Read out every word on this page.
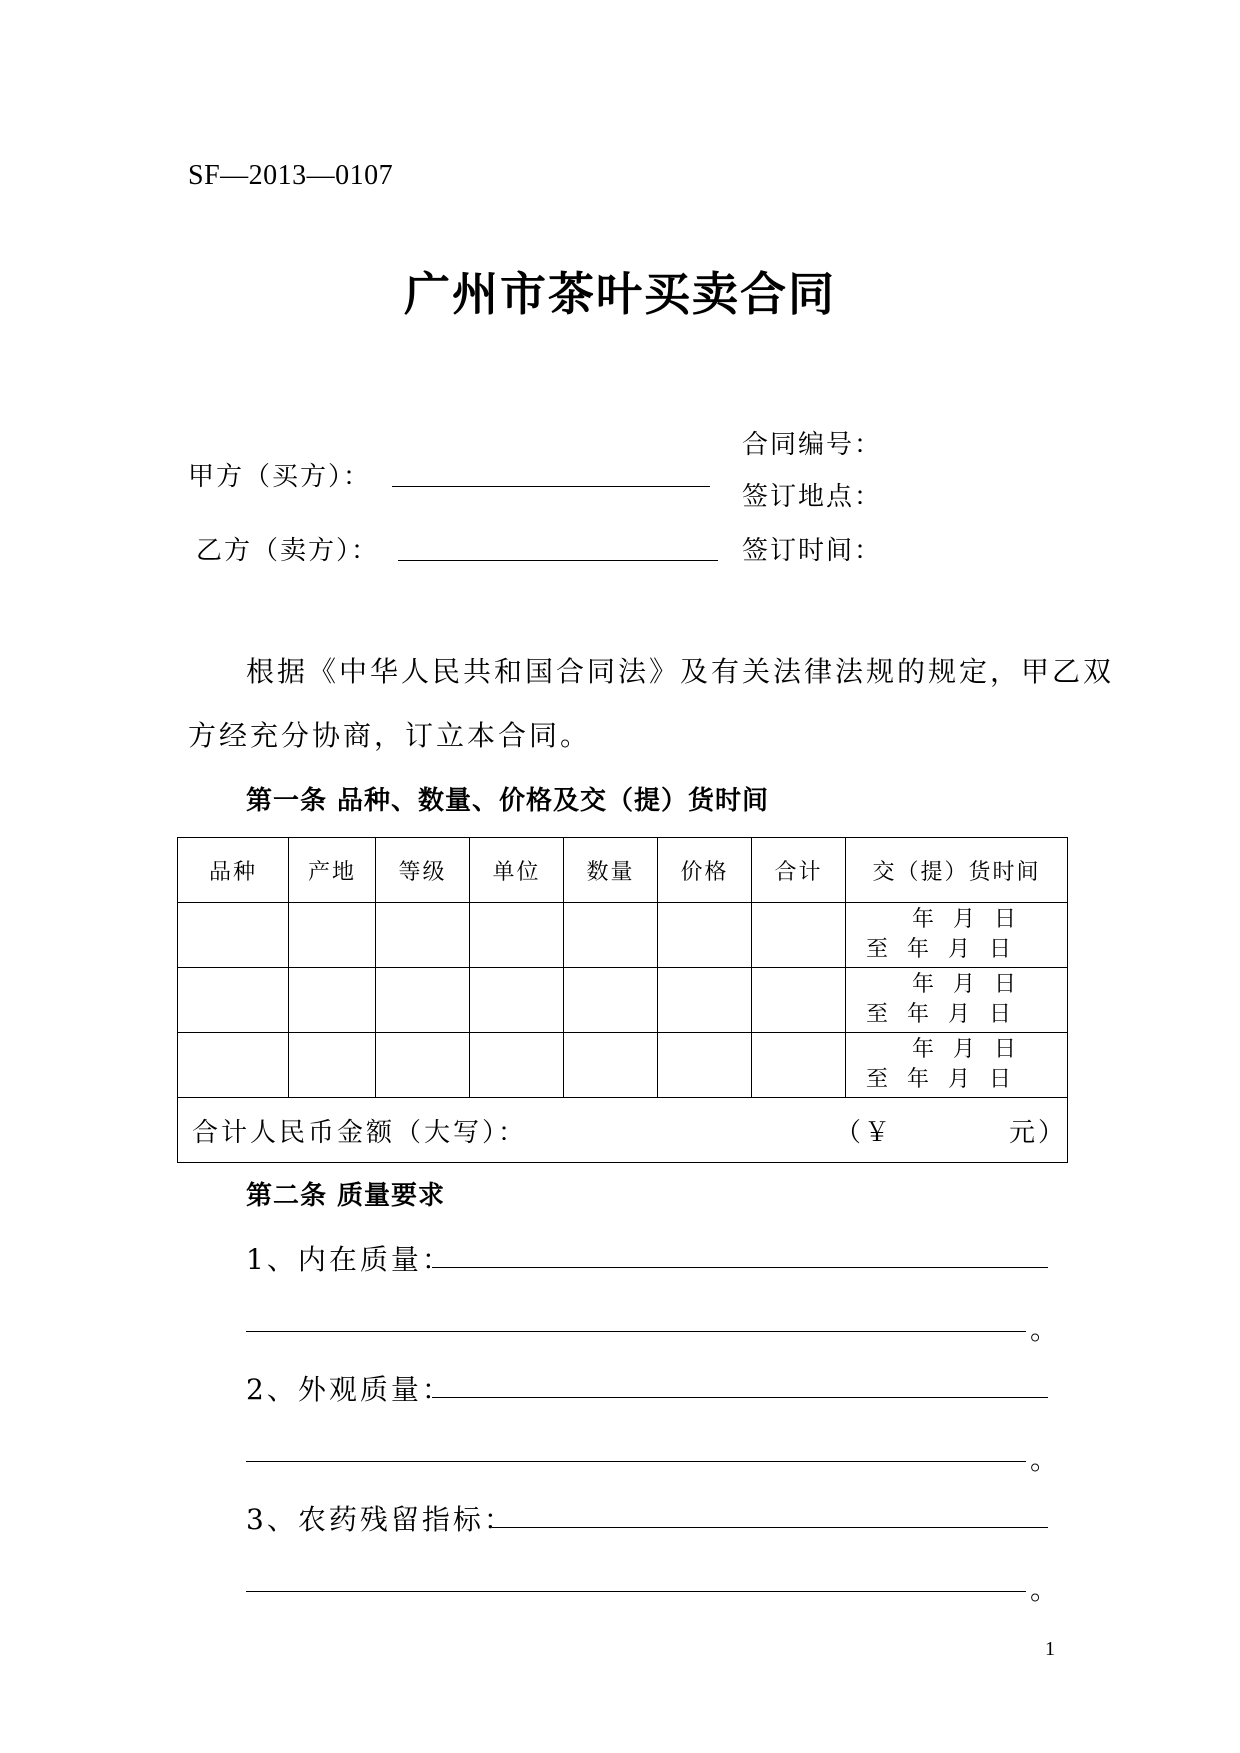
SF—2013—0107
广州市茶叶买卖合同
甲方（买方）：
乙方（卖方）：
合同编号：
签订地点：
签订时间：
根据《中华人民共和国合同法》及有关法律法规的规定，甲乙双
方经充分协商，订立本合同。
第一条 品种、数量、价格及交（提）货时间
品种	产地	等级	单位	数量	价格	合计	交（提）货时间

							年 月 日
至 年 月 日

							年 月 日
至 年 月 日

							年 月 日
至 年 月 日

合计人民币金额（大写）： （￥ 元）							
第二条 质量要求
1、内在质量：
。
2、外观质量：
。
3、农药残留指标：
。
1
